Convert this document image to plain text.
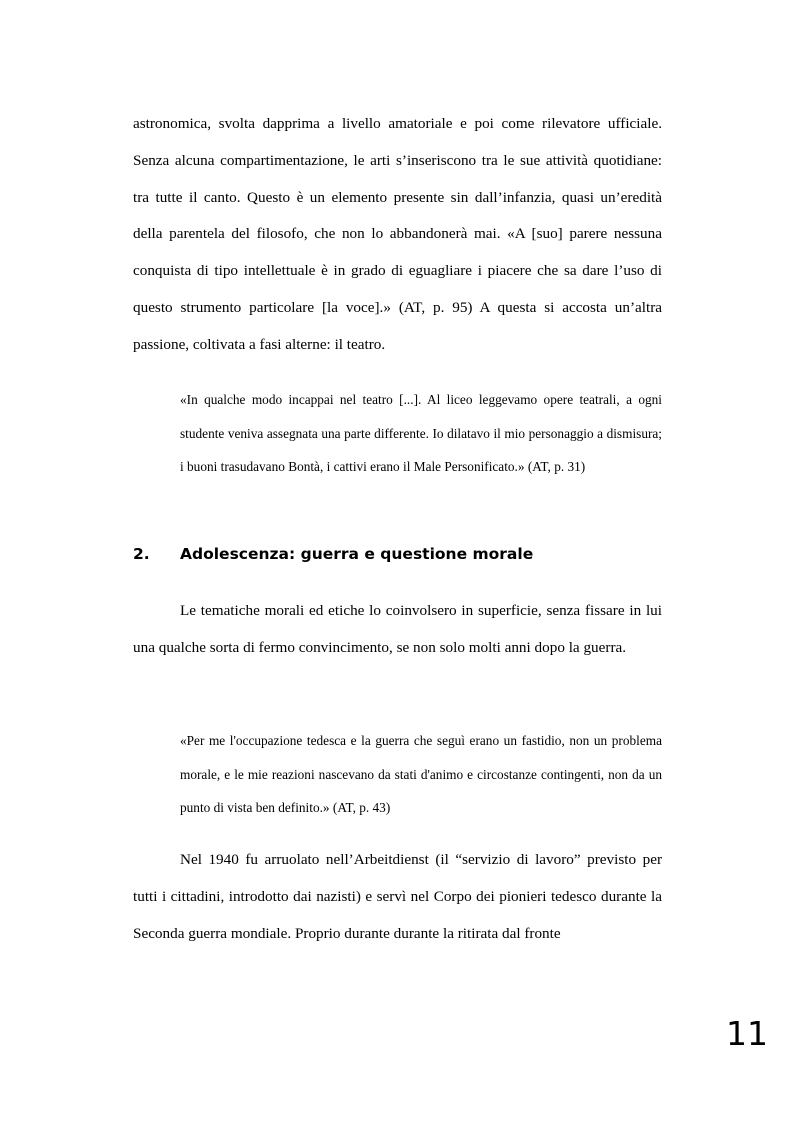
astronomica, svolta dapprima a livello amatoriale e poi come rilevatore ufficiale. Senza alcuna compartimentazione, le arti s’inseriscono tra le sue attività quotidiane: tra tutte il canto. Questo è un elemento presente sin dall’infanzia, quasi un’eredità della parentela del filosofo, che non lo abbandonerà mai. «A [suo] parere nessuna conquista di tipo intellettuale è in grado di eguagliare i piacere che sa dare l’uso di questo strumento particolare [la voce].» (AT, p. 95) A questa si accosta un’altra passione, coltivata a fasi alterne: il teatro.

«In qualche modo incappai nel teatro [...]. Al liceo leggevamo opere teatrali, a ogni studente veniva assegnata una parte differente. Io dilatavo il mio personaggio a dismisura; i buoni trasudavano Bontà, i cattivi erano il Male Personificato.» (AT, p. 31)

2. Adolescenza: guerra e questione morale

Le tematiche morali ed etiche lo coinvolsero in superficie, senza fissare in lui una qualche sorta di fermo convincimento, se non solo molti anni dopo la guerra.

«Per me l'occupazione tedesca e la guerra che seguì erano un fastidio, non un problema morale, e le mie reazioni nascevano da stati d'animo e circostanze contingenti, non da un punto di vista ben definito.» (AT, p. 43)

Nel 1940 fu arruolato nell’Arbeitdienst (il “servizio di lavoro” previsto per tutti i cittadini, introdotto dai nazisti) e servì nel Corpo dei pionieri tedesco durante la Seconda guerra mondiale. Proprio durante durante la ritirata dal fronte

11
